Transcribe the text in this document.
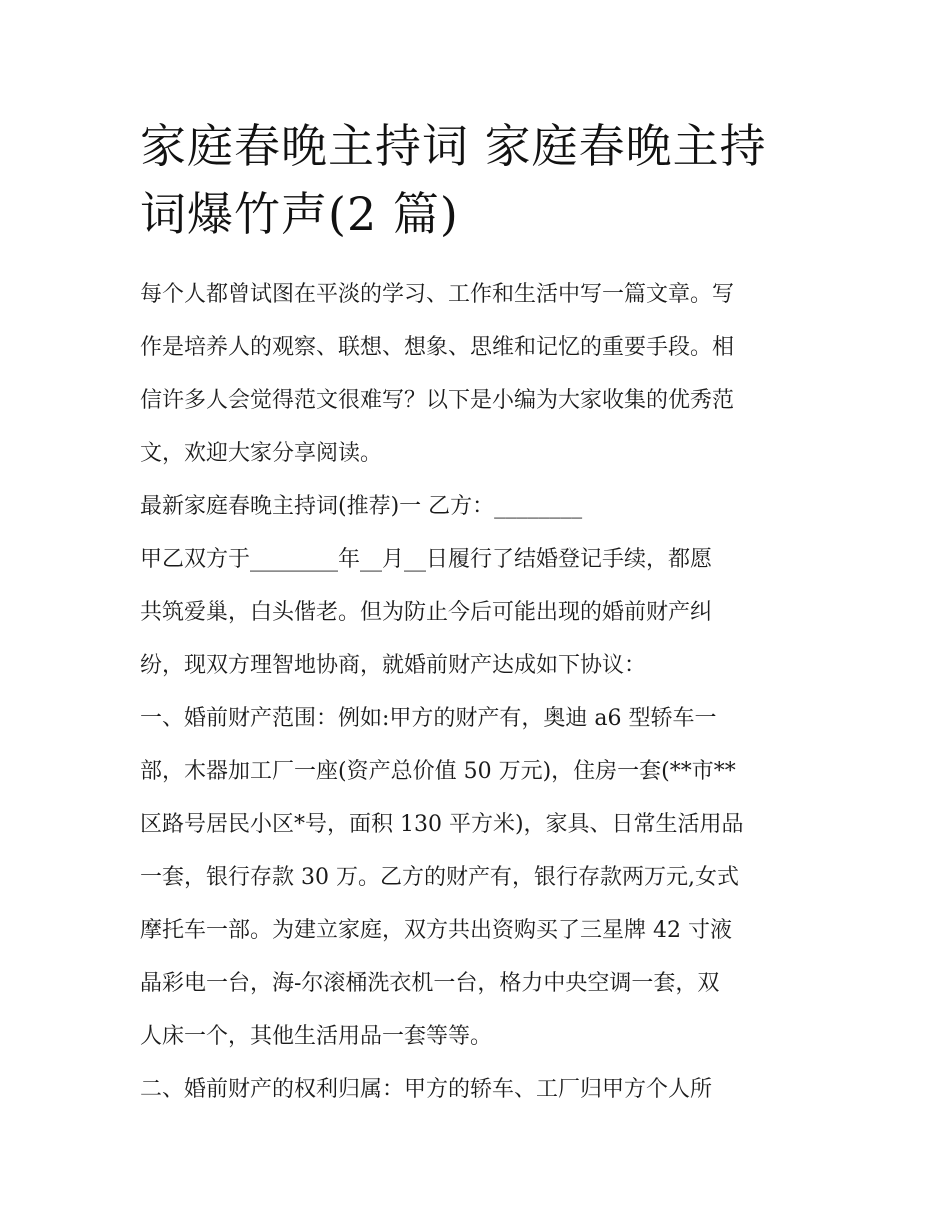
家庭春晚主持词 家庭春晚主持
词爆竹声(2 篇)

每个人都曾试图在平淡的学习、工作和生活中写一篇文章。写
作是培养人的观察、联想、想象、思维和记忆的重要手段。相
信许多人会觉得范文很难写？以下是小编为大家收集的优秀范
文，欢迎大家分享阅读。

最新家庭春晚主持词(推荐)一 乙方：________

甲乙双方于________年__月__日履行了结婚登记手续，都愿
共筑爱巢，白头偕老。但为防止今后可能出现的婚前财产纠
纷，现双方理智地协商，就婚前财产达成如下协议：

一、婚前财产范围：例如:甲方的财产有，奥迪 a6 型轿车一
部，木器加工厂一座(资产总价值 50 万元)，住房一套(**市**
区路号居民小区*号，面积 130 平方米)，家具、日常生活用品
一套，银行存款 30 万。乙方的财产有，银行存款两万元,女式
摩托车一部。为建立家庭，双方共出资购买了三星牌 42 寸液
晶彩电一台，海-尔滚桶洗衣机一台，格力中央空调一套，双
人床一个，其他生活用品一套等等。

二、婚前财产的权利归属：甲方的轿车、工厂归甲方个人所
